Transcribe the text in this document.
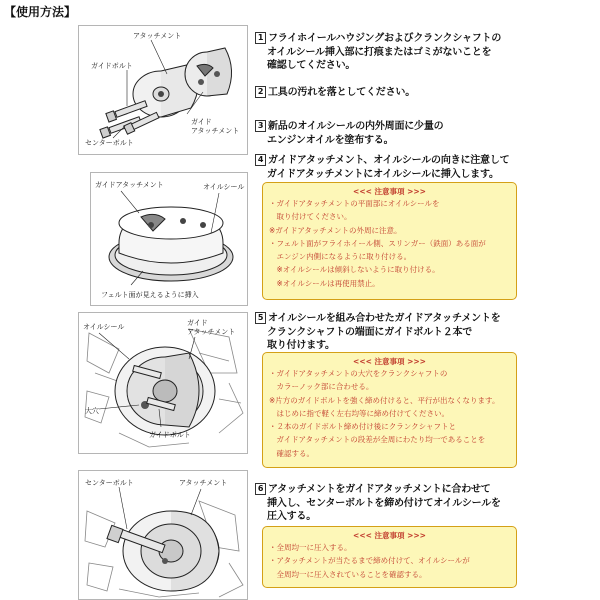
【使用方法】
アタッチメント
ガイドボルト
センターボルト
ガイド
アタッチメント
ガイドアタッチメント	オイルシール
フェルト面が見えるように挿入
オイルシール	ガイド
アタッチメント
大穴
ガイドボルト
センターボルト	アタッチメント
1 フライホイールハウジングおよびクランクシャフトの
オイルシール挿入部に打痕またはゴミがないことを
確認してください。
2 工具の汚れを落としてください。
3 新品のオイルシールの内外周面に少量の
エンジンオイルを塗布する。
4 ガイドアタッチメント、オイルシールの向きに注意して
ガイドアタッチメントにオイルシールに挿入します。
<<< 注意事項 >>>
・ガイドアタッチメントの平面部にオイルシールを
　取り付けてください。
※ガイドアタッチメントの外周に注意。
・フェルト面がフライホイール側、スリンガー（鉄面）ある面が
　エンジン内側になるように取り付ける。
　※オイルシールは傾斜しないように取り付ける。
　※オイルシールは再使用禁止。
5 オイルシールを組み合わせたガイドアタッチメントを
クランクシャフトの端面にガイドボルト２本で
取り付けます。
<<< 注意事項 >>>
・ガイドアタッチメントの大穴をクランクシャフトの
　カラーノック部に合わせる。
※片方のガイドボルトを強く締め付けると、平行が出なくなります。
　はじめに指で軽く左右均等に締め付けてください。
・２本のガイドボルト締め付け後にクランクシャフトと
　ガイドアタッチメントの段差が全周にわたり均一であることを
　確認する。
6 アタッチメントをガイドアタッチメントに合わせて
挿入し、センターボルトを締め付けてオイルシールを
圧入する。
<<< 注意事項 >>>
・全周均一に圧入する。
・アタッチメントが当たるまで締め付けて、オイルシールが
　全周均一に圧入されていることを確認する。
